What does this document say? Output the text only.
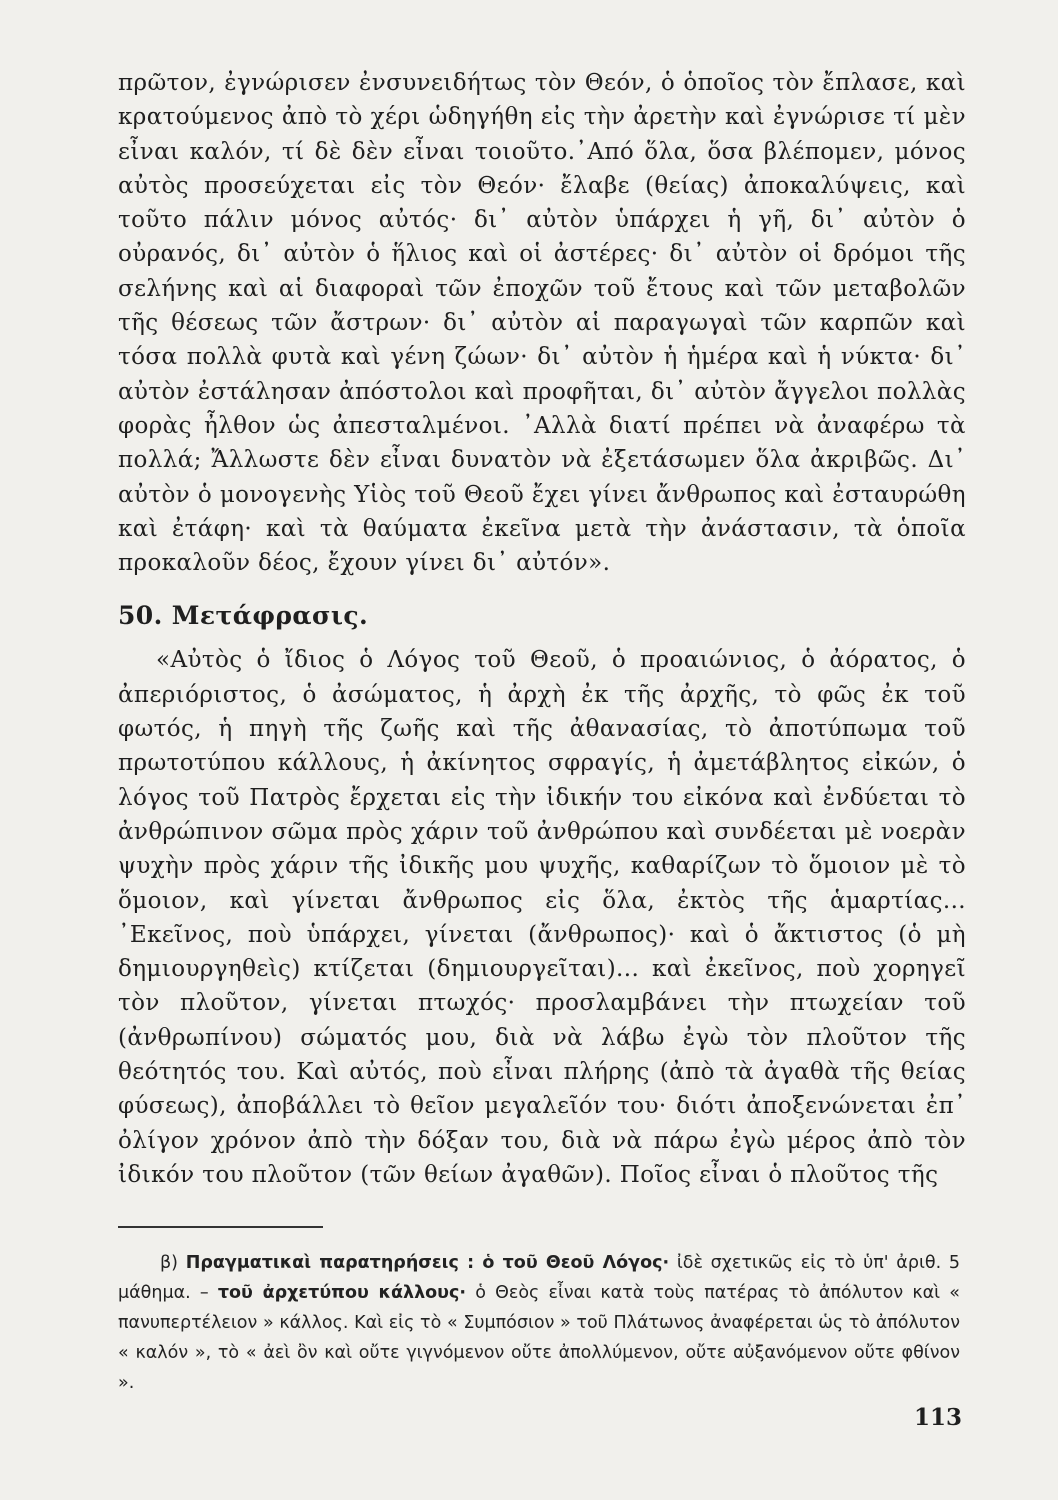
πρῶτον, ἐγνώρισεν ἐνσυνειδήτως τὸν Θεόν, ὁ ὁποῖος τὸν ἔπλασε, καὶ κρατούμενος ἀπὸ τὸ χέρι ὡδηγήθη εἰς τὴν ἀρετὴν καὶ ἐγνώρισε τί μὲν εἶναι καλόν, τί δὲ δὲν εἶναι τοιοῦτο.᾿Από ὅλα, ὅσα βλέπομεν, μόνος αὐτὸς προσεύχεται εἰς τὸν Θεόν· ἔλαβε (θείας) ἀποκαλύψεις, καὶ τοῦτο πάλιν μόνος αὐτός· δι᾿ αὐτὸν ὑπάρχει ἡ γῆ, δι᾿ αὐτὸν ὁ οὐρανός, δι᾿ αὐτὸν ὁ ἥλιος καὶ οἱ ἀστέρες· δι᾿ αὐτὸν οἱ δρόμοι τῆς σελήνης καὶ αἱ διαφοραὶ τῶν ἐποχῶν τοῦ ἔτους καὶ τῶν μεταβολῶν τῆς θέσεως τῶν ἄστρων· δι᾿ αὐτὸν αἱ παραγωγαὶ τῶν καρπῶν καὶ τόσα πολλὰ φυτὰ καὶ γένη ζώων· δι᾿ αὐτὸν ἡ ἡμέρα καὶ ἡ νύκτα· δι᾿ αὐτὸν ἐστάλησαν ἀπόστολοι καὶ προφῆται, δι᾿ αὐτὸν ἄγγελοι πολλὰς φορὰς ἦλθον ὡς ἀπεσταλμένοι. ᾿Αλλὰ διατί πρέπει νὰ ἀναφέρω τὰ πολλά; Ἄλλωστε δὲν εἶναι δυνατὸν νὰ ἐξετάσωμεν ὅλα ἀκριβῶς. Δι᾿ αὐτὸν ὁ μονογενὴς Υἱὸς τοῦ Θεοῦ ἔχει γίνει ἄνθρωπος καὶ ἐσταυρώθη καὶ ἐτάφη· καὶ τὰ θαύματα ἐκεῖνα μετὰ τὴν ἀνάστασιν, τὰ ὁποῖα προκαλοῦν δέος, ἔχουν γίνει δι᾿ αὐτόν».

50. Μετάφρασις.

«Αὐτὸς ὁ ἴδιος ὁ Λόγος τοῦ Θεοῦ, ὁ προαιώνιος, ὁ ἀόρατος, ὁ ἀπεριόριστος, ὁ ἀσώματος, ἡ ἀρχὴ ἐκ τῆς ἀρχῆς, τὸ φῶς ἐκ τοῦ φωτός, ἡ πηγὴ τῆς ζωῆς καὶ τῆς ἀθανασίας, τὸ ἀποτύπωμα τοῦ πρωτοτύπου κάλλους, ἡ ἀκίνητος σφραγίς, ἡ ἀμετάβλητος εἰκών, ὁ λόγος τοῦ Πατρὸς ἔρχεται εἰς τὴν ἰδικήν του εἰκόνα καὶ ἐνδύεται τὸ ἀνθρώπινον σῶμα πρὸς χάριν τοῦ ἀνθρώπου καὶ συνδέεται μὲ νοερὰν ψυχὴν πρὸς χάριν τῆς ἰδικῆς μου ψυχῆς, καθαρίζων τὸ ὅμοιον μὲ τὸ ὅμοιον, καὶ γίνεται ἄνθρωπος εἰς ὅλα, ἐκτὸς τῆς ἁμαρτίας... ᾿Εκεῖνος, ποὺ ὑπάρχει, γίνεται (ἄνθρωπος)· καὶ ὁ ἄκτιστος (ὁ μὴ δημιουργηθεὶς) κτίζεται (δημιουργεῖται)... καὶ ἐκεῖνος, ποὺ χορηγεῖ τὸν πλοῦτον, γίνεται πτωχός· προσλαμβάνει τὴν πτωχείαν τοῦ (ἀνθρωπίνου) σώματός μου, διὰ νὰ λάβω ἐγὼ τὸν πλοῦτον τῆς θεότητός του. Καὶ αὐτός, ποὺ εἶναι πλήρης (ἀπὸ τὰ ἀγαθὰ τῆς θείας φύσεως), ἀποβάλλει τὸ θεῖον μεγαλεῖόν του· διότι ἀποξενώνεται ἐπ᾿ ὀλίγον χρόνον ἀπὸ τὴν δόξαν του, διὰ νὰ πάρω ἐγὼ μέρος ἀπὸ τὸν ἰδικόν του πλοῦτον (τῶν θείων ἀγαθῶν). Ποῖος εἶναι ὁ πλοῦτος τῆς

β) Πραγματικαὶ παρατηρήσεις : ὁ τοῦ Θεοῦ Λόγος· ἰδὲ σχετικῶς εἰς τὸ ὑπ' ἀριθ. 5 μάθημα. – τοῦ ἀρχετύπου κάλλους· ὁ Θεὸς εἶναι κατὰ τοὺς πατέρας τὸ ἀπόλυτον καὶ « πανυπερτέλειον » κάλλος. Καὶ εἰς τὸ « Συμπόσιον » τοῦ Πλάτωνος ἀναφέρεται ὡς τὸ ἀπόλυτον « καλόν », τὸ « ἀεὶ ὂν καὶ οὔτε γιγνόμενον οὔτε ἀπολλύμενον, οὔτε αὐξανόμενον οὔτε φθίνον ».
113
